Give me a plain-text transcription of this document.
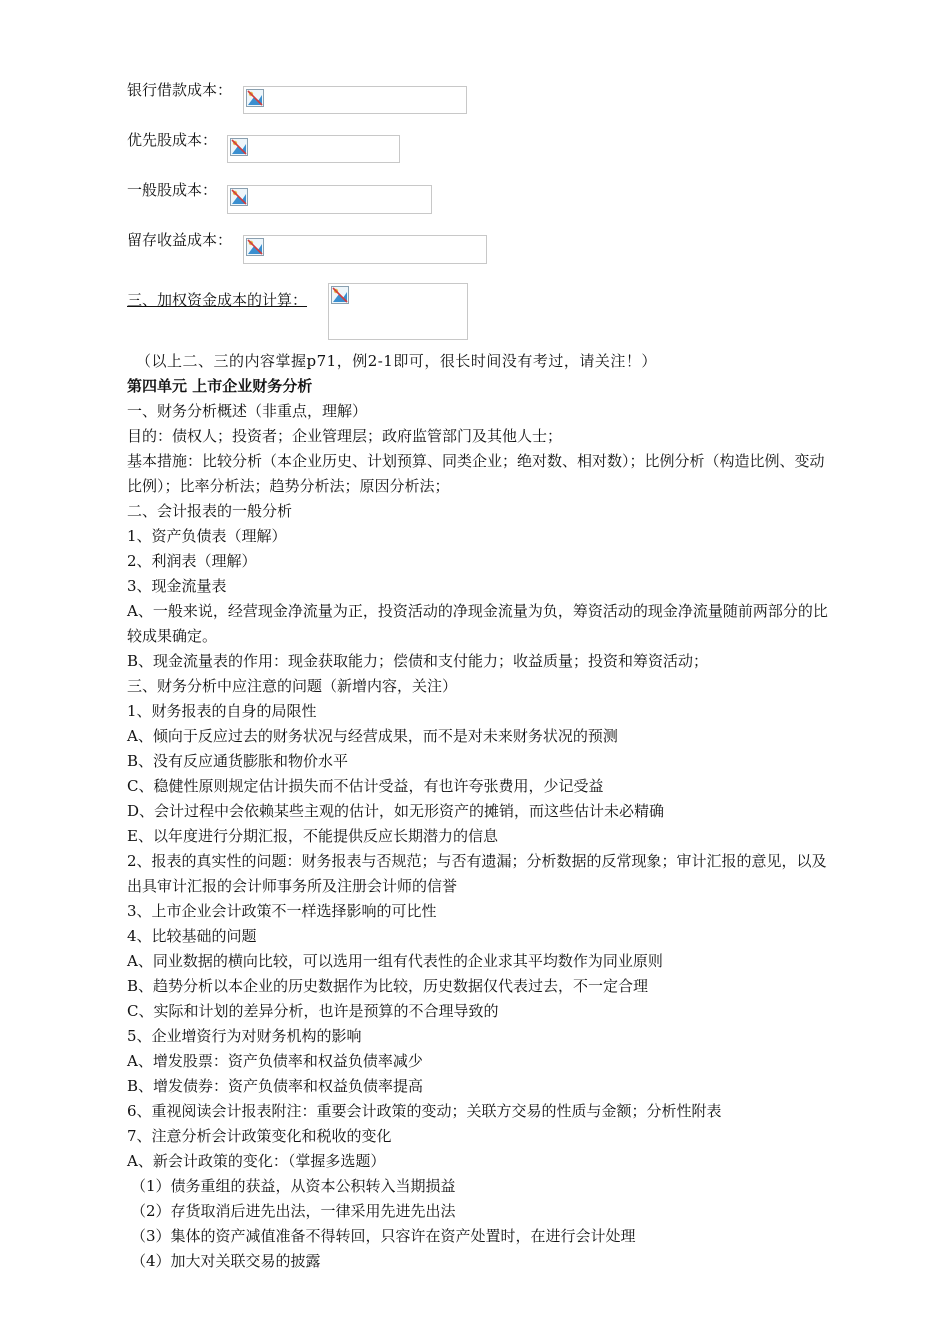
银行借款成本：
优先股成本：
一般股成本：
留存收益成本：
三、加权资金成本的计算：
（以上二、三的内容掌握p71，例2-1即可，很长时间没有考过，请关注！）
第四单元 上市企业财务分析
一、财务分析概述（非重点，理解）
目的：债权人；投资者；企业管理层；政府监管部门及其他人士；
基本措施：比较分析（本企业历史、计划预算、同类企业；绝对数、相对数）；比例分析（构造比例、变动比例）；比率分析法；趋势分析法；原因分析法；
二、会计报表的一般分析
1、资产负债表（理解）
2、利润表（理解）
3、现金流量表
A、一般来说，经营现金净流量为正，投资活动的净现金流量为负，筹资活动的现金净流量随前两部分的比较成果确定。
B、现金流量表的作用：现金获取能力；偿债和支付能力；收益质量；投资和筹资活动；
三、财务分析中应注意的问题（新增内容，关注）
1、财务报表的自身的局限性
A、倾向于反应过去的财务状况与经营成果，而不是对未来财务状况的预测
B、没有反应通货膨胀和物价水平
C、稳健性原则规定估计损失而不估计受益，有也许夸张费用，少记受益
D、会计过程中会依赖某些主观的估计，如无形资产的摊销，而这些估计未必精确
E、以年度进行分期汇报，不能提供反应长期潜力的信息
2、报表的真实性的问题：财务报表与否规范；与否有遗漏；分析数据的反常现象；审计汇报的意见，以及出具审计汇报的会计师事务所及注册会计师的信誉
3、上市企业会计政策不一样选择影响的可比性
4、比较基础的问题
A、同业数据的横向比较，可以选用一组有代表性的企业求其平均数作为同业原则
B、趋势分析以本企业的历史数据作为比较，历史数据仅代表过去，不一定合理
C、实际和计划的差异分析，也许是预算的不合理导致的
5、企业增资行为对财务机构的影响
A、增发股票：资产负债率和权益负债率减少
B、增发债券：资产负债率和权益负债率提高
6、重视阅读会计报表附注：重要会计政策的变动；关联方交易的性质与金额；分析性附表
7、注意分析会计政策变化和税收的变化
A、新会计政策的变化：（掌握多选题）
（1）债务重组的获益，从资本公积转入当期损益
（2）存货取消后进先出法，一律采用先进先出法
（3）集体的资产减值准备不得转回，只容许在资产处置时，在进行会计处理
（4）加大对关联交易的披露
